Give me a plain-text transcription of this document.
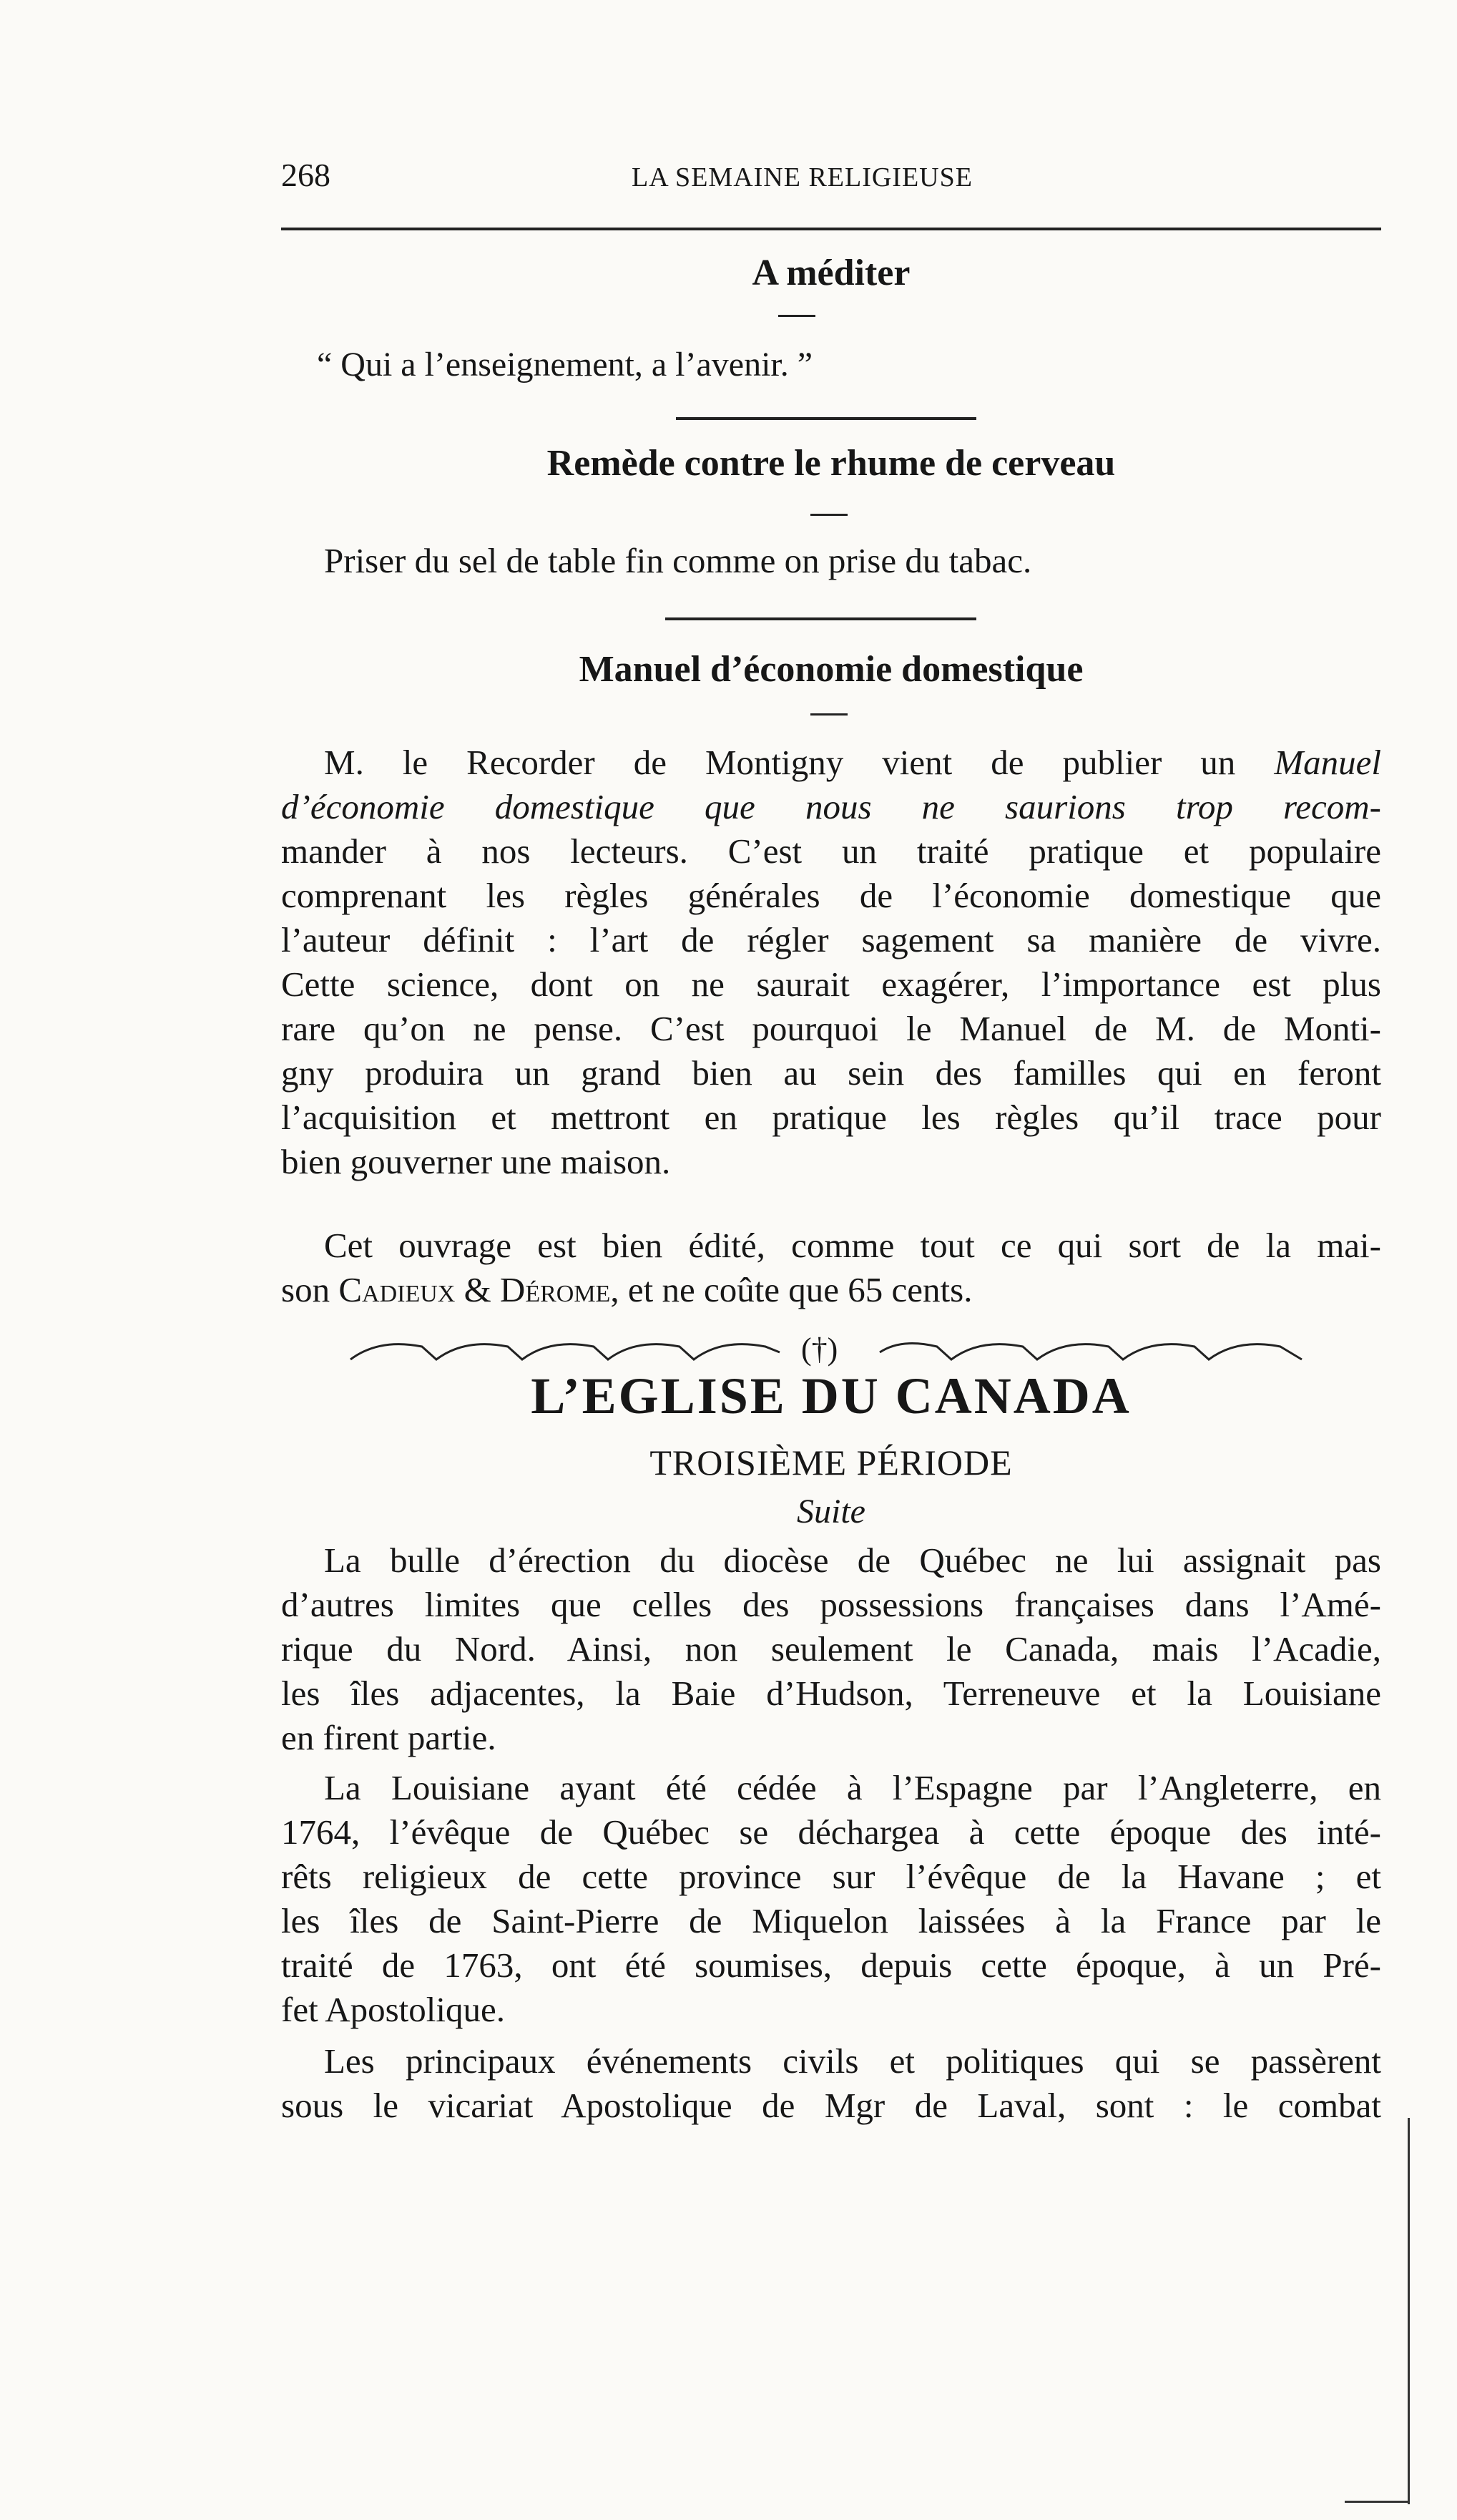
268	LA SEMAINE RELIGIEUSE
A méditer
“ Qui a l’enseignement, a l’avenir. ”
Remède contre le rhume de cerveau
Priser du sel de table fin comme on prise du tabac.
Manuel d’économie domestique
M. le Recorder de Montigny vient de publier un Manuel
d’économie domestique que nous ne saurions trop recom-
mander à nos lecteurs. C’est un traité pratique et populaire
comprenant les règles générales de l’économie domestique que
l’auteur définit : l’art de régler sagement sa manière de vivre.
Cette science, dont on ne saurait exagérer, l’importance est plus
rare qu’on ne pense. C’est pourquoi le Manuel de M. de Monti-
gny produira un grand bien au sein des familles qui en feront
l’acquisition et mettront en pratique les règles qu’il trace pour
bien gouverner une maison.
Cet ouvrage est bien édité, comme tout ce qui sort de la mai-
son Cadieux & Dérome, et ne coûte que 65 cents.
(†)
L’EGLISE DU CANADA
TROISIÈME PÉRIODE
Suite
La bulle d’érection du diocèse de Québec ne lui assignait pas
d’autres limites que celles des possessions françaises dans l’Amé-
rique du Nord. Ainsi, non seulement le Canada, mais l’Acadie,
les îles adjacentes, la Baie d’Hudson, Terreneuve et la Louisiane
en firent partie.
La Louisiane ayant été cédée à l’Espagne par l’Angleterre, en
1764, l’évêque de Québec se déchargea à cette époque des inté-
rêts religieux de cette province sur l’évêque de la Havane ; et
les îles de Saint-Pierre de Miquelon laissées à la France par le
traité de 1763, ont été soumises, depuis cette époque, à un Pré-
fet Apostolique.
Les principaux événements civils et politiques qui se passèrent
sous le vicariat Apostolique de Mgr de Laval, sont : le combat
